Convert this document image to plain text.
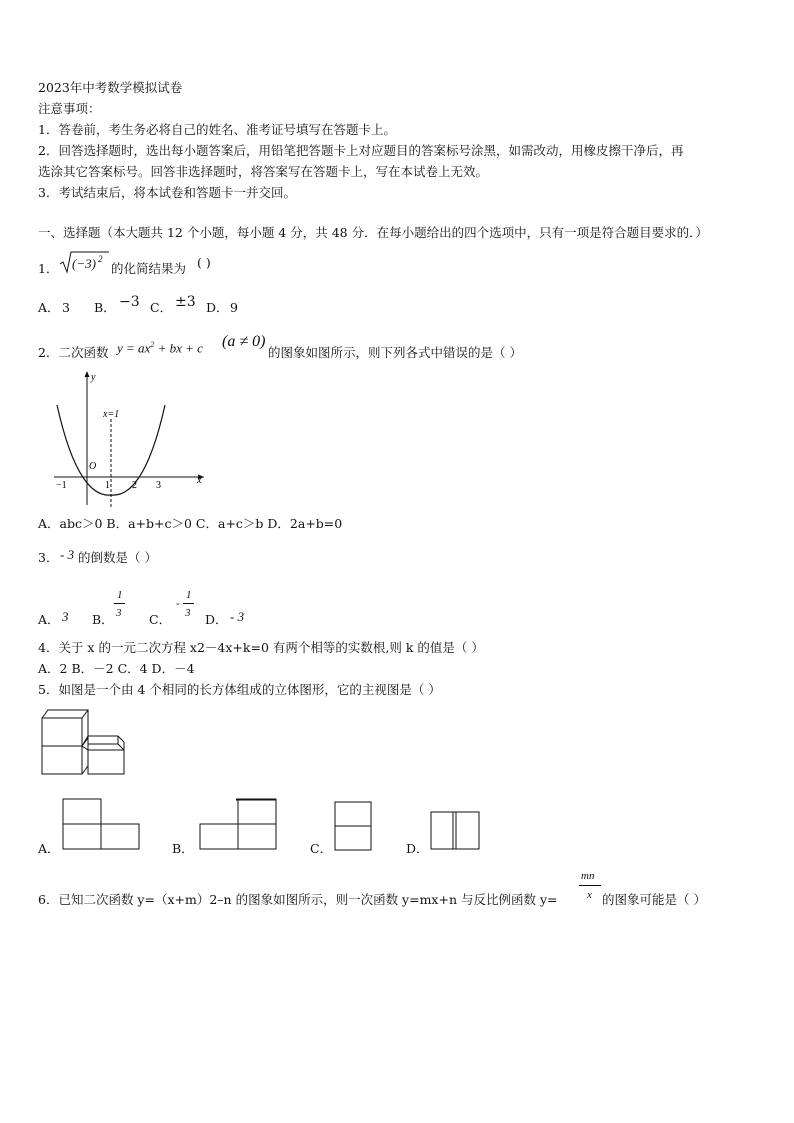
2023年中考数学模拟试卷
注意事项：
1．答卷前，考生务必将自己的姓名、准考证号填写在答题卡上。
2．回答选择题时，选出每小题答案后，用铅笔把答题卡上对应题目的答案标号涂黑，如需改动，用橡皮擦干净后，再
选涂其它答案标号。回答非选择题时，将答案写在答题卡上，写在本试卷上无效。
3．考试结束后，将本试卷和答题卡一并交回。
一、选择题（本大题共 12 个小题，每小题 4 分，共 48 分．在每小题给出的四个选项中，只有一项是符合题目要求的．）
1． (−3) 2
的化简结果为 ( )
A． 3 B． −3 C． ±3 D． 9
2．二次函数 $y = ax^2$ + bx + c (a ≠ 0)
的图象如图所示，则下列各式中错误的是（ ）
y
x
x=1
O
−1	1 2 3
A．abc＞0 B．a+b+c＞0 C．a+c＞b D．2a+b=0
3． - 3 的倒数是（ ）
A． 3 B．
1
3 C．
-
1
3 D． - 3
4．关于 x 的一元二次方程 x2－4x+k=0 有两个相等的实数根,则 k 的值是（ ）
A．2 B．－2 C．4 D．－4
5．如图是一个由 4 个相同的长方体组成的立体图形，它的主视图是（ ）
A．	B．	C．	D．
6．已知二次函数 y=（x+m）2–n 的图象如图所示，则一次函数 y=mx+n 与反比例函数 y=
mn
x 的图象可能是（ ）
